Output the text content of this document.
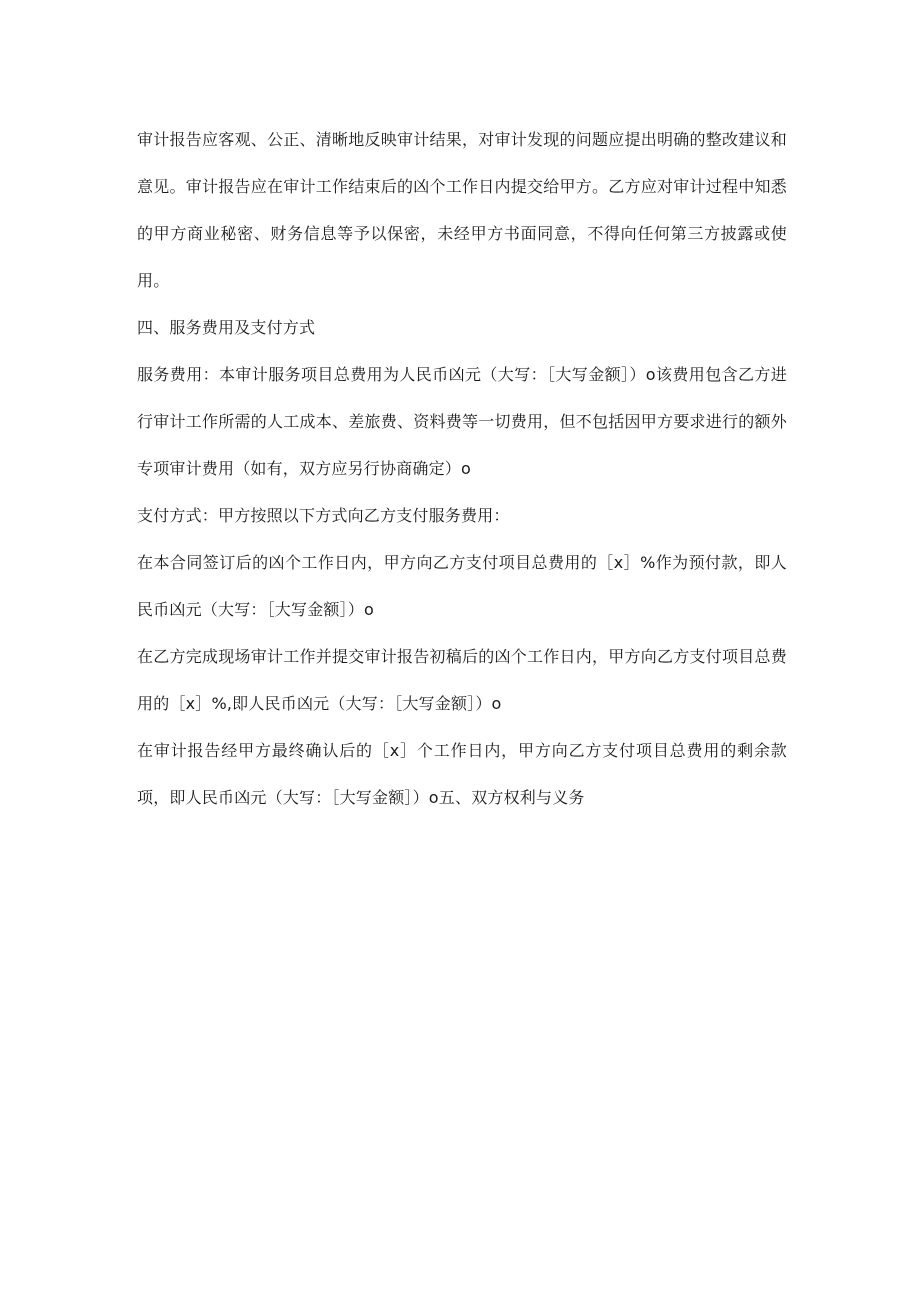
审计报告应客观、公正、清晰地反映审计结果，对审计发现的问题应提出明确的整改建议和意见。审计报告应在审计工作结束后的凶个工作日内提交给甲方。乙方应对审计过程中知悉的甲方商业秘密、财务信息等予以保密，未经甲方书面同意，不得向任何第三方披露或使用。

四、服务费用及支付方式

服务费用：本审计服务项目总费用为人民币凶元（大写：［大写金额］）o该费用包含乙方进行审计工作所需的人工成本、差旅费、资料费等一切费用，但不包括因甲方要求进行的额外专项审计费用（如有，双方应另行协商确定）o

支付方式：甲方按照以下方式向乙方支付服务费用：

在本合同签订后的凶个工作日内，甲方向乙方支付项目总费用的［x］%作为预付款，即人民币凶元（大写：［大写金额］）o

在乙方完成现场审计工作并提交审计报告初稿后的凶个工作日内，甲方向乙方支付项目总费用的［x］%,即人民币凶元（大写：［大写金额］）o

在审计报告经甲方最终确认后的［x］个工作日内，甲方向乙方支付项目总费用的剩余款项，即人民币凶元（大写：［大写金额］）o五、双方权利与义务
